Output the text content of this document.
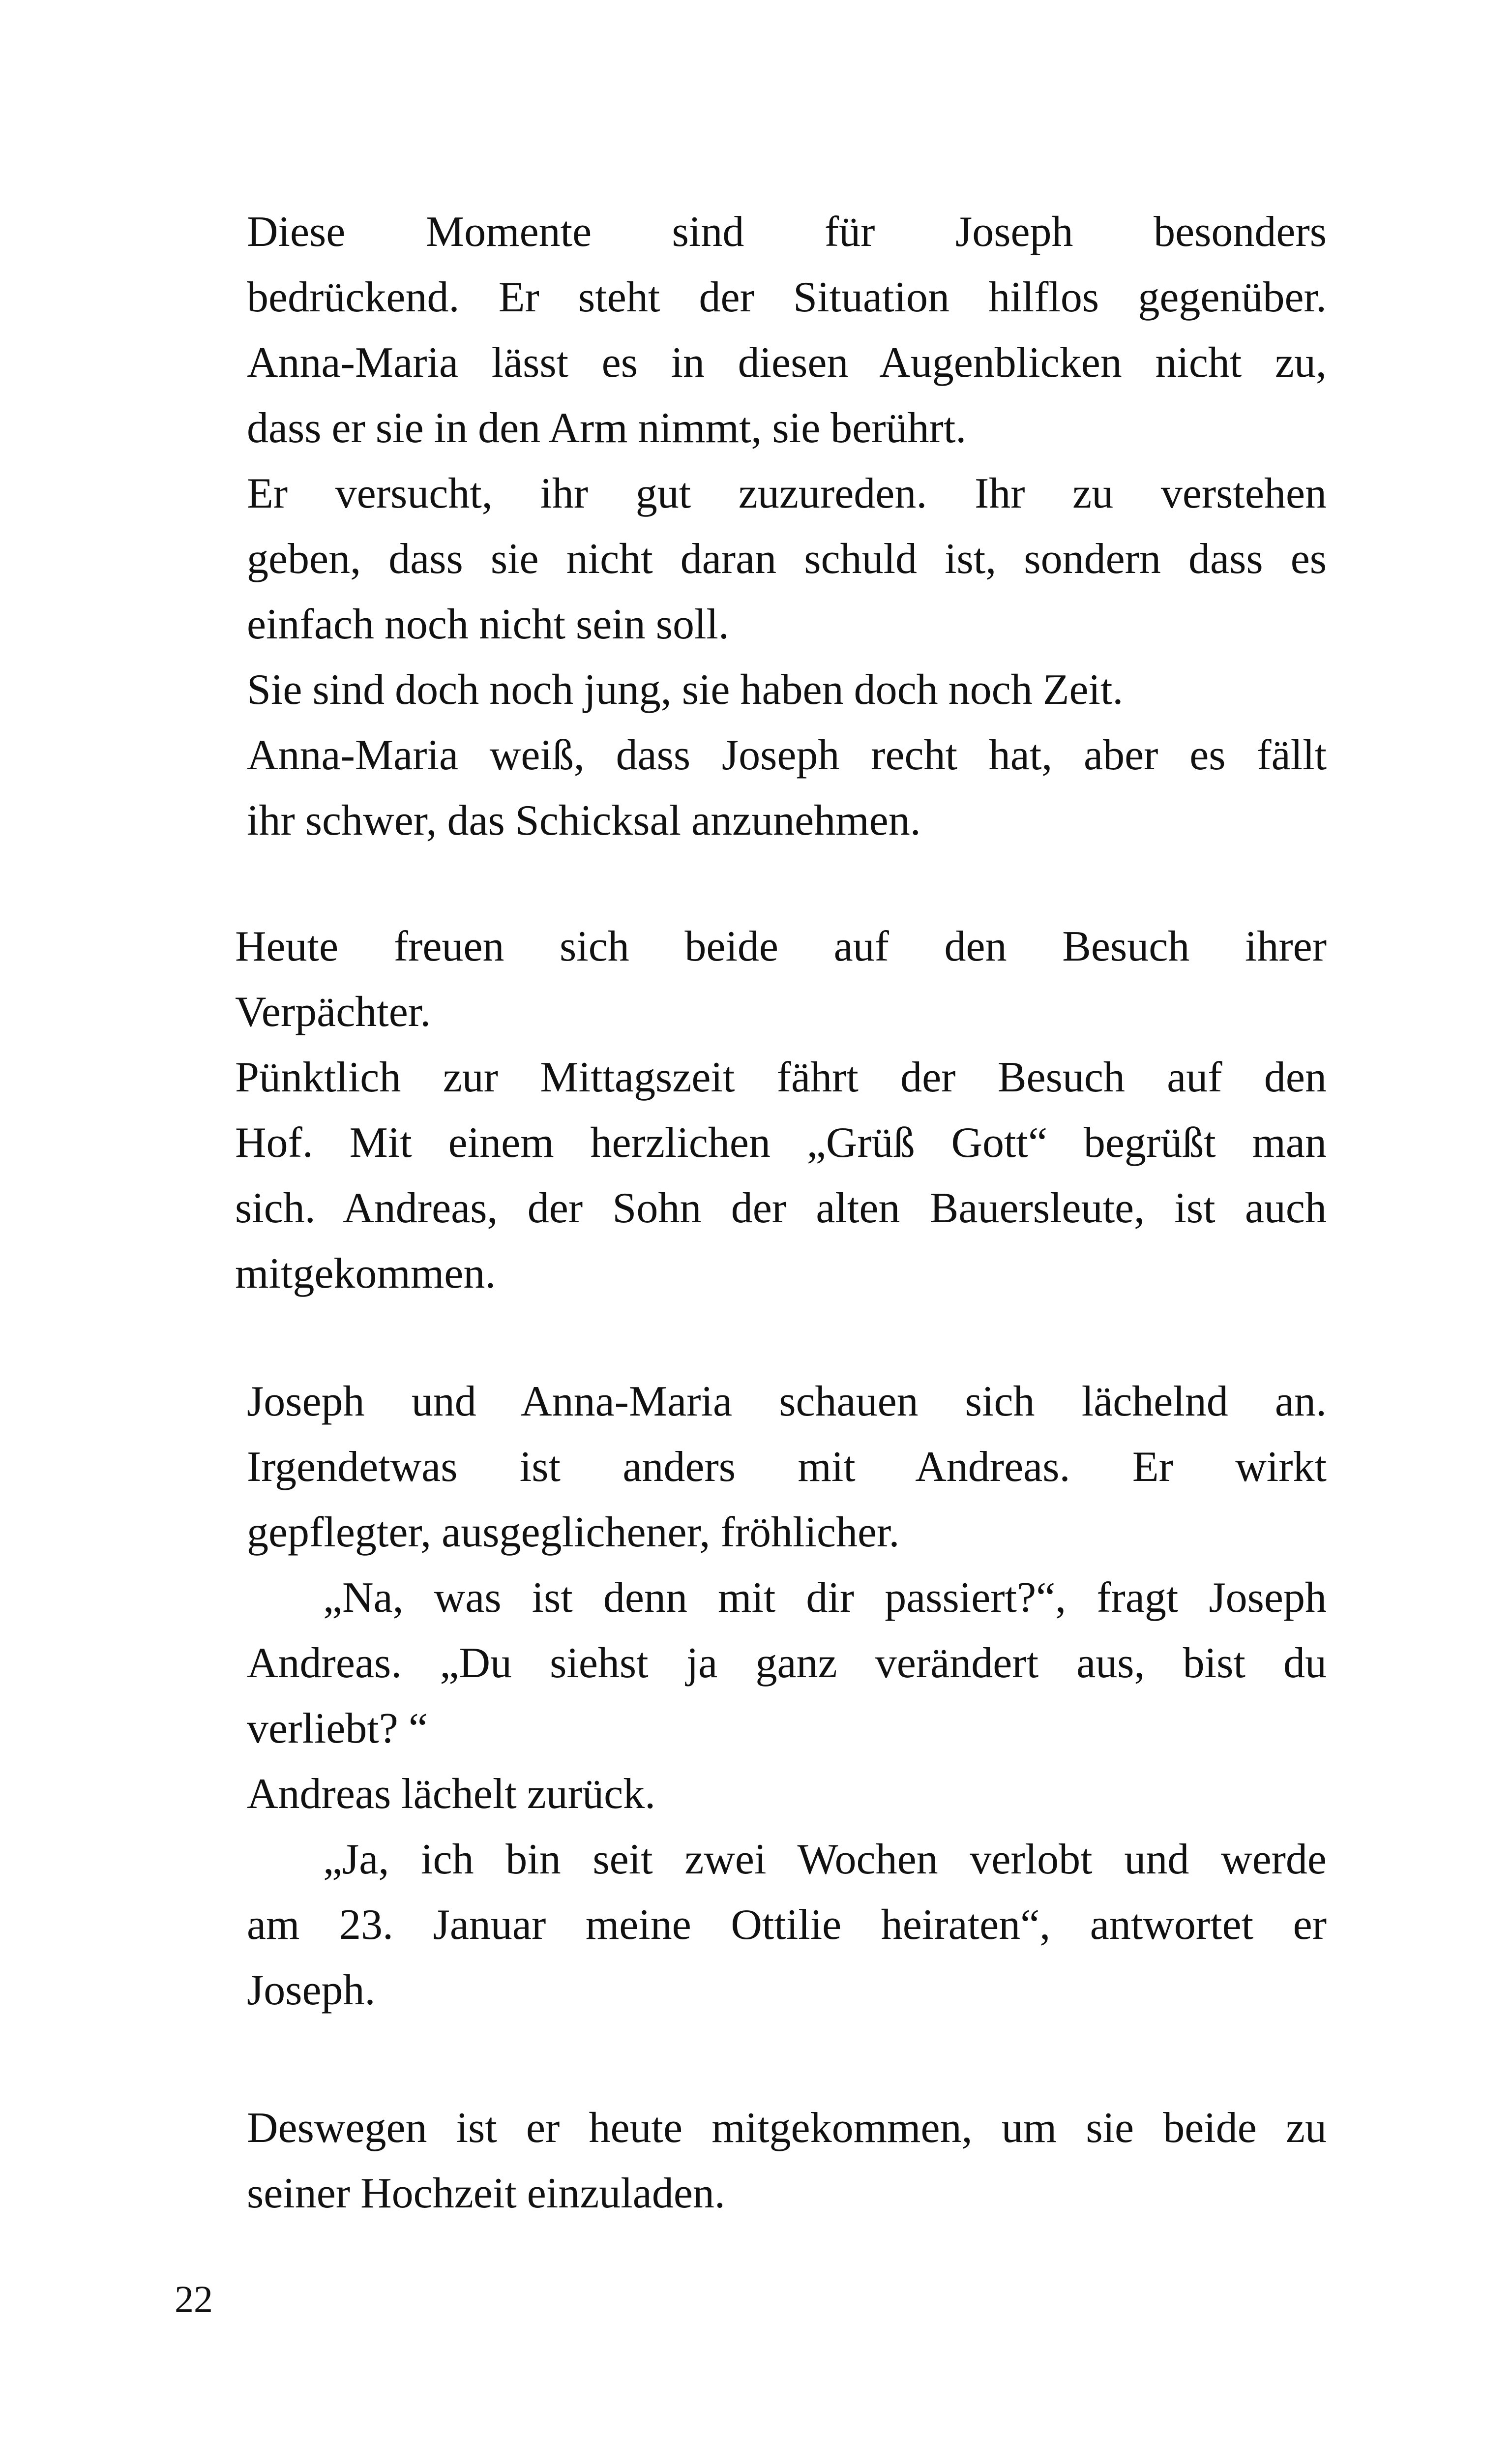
Diese Momente sind für Joseph besonders
bedrückend. Er steht der Situation hilflos gegenüber.
Anna-Maria lässt es in diesen Augenblicken nicht zu,
dass er sie in den Arm nimmt, sie berührt.
Er versucht, ihr gut zuzureden. Ihr zu verstehen
geben, dass sie nicht daran schuld ist, sondern dass es
einfach noch nicht sein soll.
Sie sind doch noch jung, sie haben doch noch Zeit.
Anna-Maria weiß, dass Joseph recht hat, aber es fällt
ihr schwer, das Schicksal anzunehmen.
Heute freuen sich beide auf den Besuch ihrer
Verpächter.
Pünktlich zur Mittagszeit fährt der Besuch auf den
Hof. Mit einem herzlichen „Grüß Gott“ begrüßt man
sich. Andreas, der Sohn der alten Bauersleute, ist auch
mitgekommen.
Joseph und Anna-Maria schauen sich lächelnd an.
Irgendetwas ist anders mit Andreas. Er wirkt
gepflegter, ausgeglichener, fröhlicher.
„Na, was ist denn mit dir passiert?“, fragt Joseph
Andreas. „Du siehst ja ganz verändert aus, bist du
verliebt? “
Andreas lächelt zurück.
„Ja, ich bin seit zwei Wochen verlobt und werde
am 23. Januar meine Ottilie heiraten“, antwortet er
Joseph.
Deswegen ist er heute mitgekommen, um sie beide zu
seiner Hochzeit einzuladen.
22
